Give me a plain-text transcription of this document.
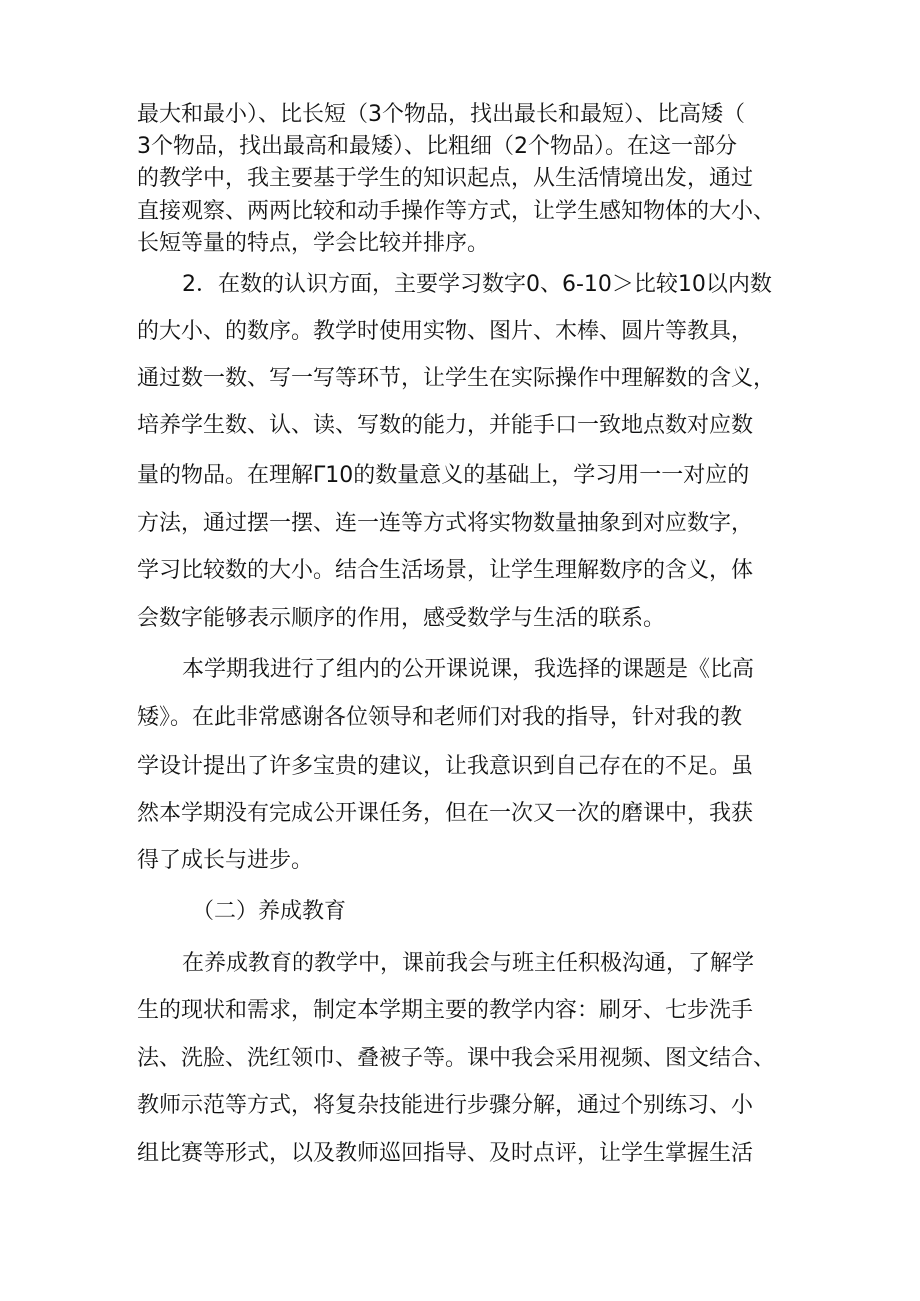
最大和最小）、比长短（3个物品，找出最长和最短）、比高矮（
3个物品，找出最高和最矮）、比粗细（2个物品）。在这一部分
的教学中，我主要基于学生的知识起点，从生活情境出发，通过
直接观察、两两比较和动手操作等方式，让学生感知物体的大小、
长短等量的特点，学会比较并排序。
2．在数的认识方面，主要学习数字0、6-10＞比较10以内数
的大小、的数序。教学时使用实物、图片、木棒、圆片等教具，
通过数一数、写一写等环节，让学生在实际操作中理解数的含义，
培养学生数、认、读、写数的能力，并能手口一致地点数对应数
量的物品。在理解Γ10的数量意义的基础上，学习用一一对应的
方法，通过摆一摆、连一连等方式将实物数量抽象到对应数字，
学习比较数的大小。结合生活场景，让学生理解数序的含义，体
会数字能够表示顺序的作用，感受数学与生活的联系。
本学期我进行了组内的公开课说课，我选择的课题是《比高
矮》。在此非常感谢各位领导和老师们对我的指导，针对我的教
学设计提出了许多宝贵的建议，让我意识到自己存在的不足。虽
然本学期没有完成公开课任务，但在一次又一次的磨课中，我获
得了成长与进步。
（二）养成教育
在养成教育的教学中，课前我会与班主任积极沟通，了解学
生的现状和需求，制定本学期主要的教学内容：刷牙、七步洗手
法、洗脸、洗红领巾、叠被子等。课中我会采用视频、图文结合、
教师示范等方式，将复杂技能进行步骤分解，通过个别练习、小
组比赛等形式，以及教师巡回指导、及时点评，让学生掌握生活
